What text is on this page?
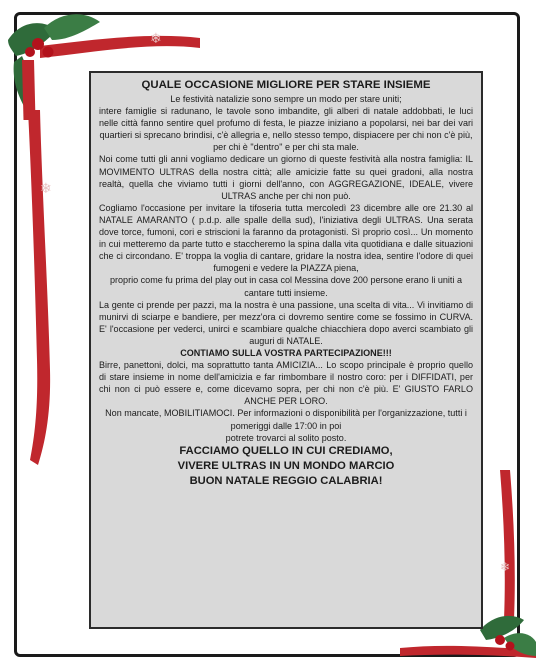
❄
❄
❄

QUALE OCCASIONE MIGLIORE PER STARE INSIEME

Le festività natalizie sono sempre un modo per stare uniti;

intere famiglie si radunano, le tavole sono imbandite, gli alberi di natale addobbati, le luci nelle città fanno sentire quel profumo di festa, le piazze iniziano a popolarsi, nei bar dei vari quartieri si sprecano brindisi, c'è allegria e, nello stesso tempo, dispiacere per chi non c'è più,

per chi è "dentro" e per chi sta male.

Noi come tutti gli anni vogliamo dedicare un giorno di queste festività alla nostra famiglia: IL MOVIMENTO ULTRAS della nostra città; alle amicizie fatte su quei gradoni, alla nostra realtà, quella che viviamo tutti i giorni dell'anno, con AGGREGAZIONE, IDEALE, vivere ULTRAS anche per chi non può.

Cogliamo l'occasione per invitare la tifoseria tutta mercoledì 23 dicembre alle ore 21.30 al NATALE AMARANTO ( p.d.p. alle spalle della sud), l'iniziativa degli ULTRAS. Una serata dove torce, fumoni, cori e striscioni la faranno da protagonisti. Sì proprio così... Un momento in cui metteremo da parte tutto e staccheremo la spina dalla vita quotidiana e dalle situazioni che ci circondano. E' troppa la voglia di cantare, gridare la nostra idea, sentire l'odore di quei fumogeni e vedere la PIAZZA piena,

proprio come fu prima del play out in casa col Messina dove 200 persone erano li uniti a cantare tutti insieme.

La gente ci prende per pazzi, ma la nostra è una passione, una scelta di vita... Vi invitiamo di munirvi di sciarpe e bandiere, per mezz'ora ci dovremo sentire come se fossimo in CURVA. E' l'occasione per vederci, unirci e scambiare qualche chiacchiera dopo averci scambiato gli auguri di NATALE.

CONTIAMO SULLA VOSTRA PARTECIPAZIONE!!!

Birre, panettoni, dolci, ma soprattutto tanta AMICIZIA... Lo scopo principale è proprio quello di stare insieme in nome dell'amicizia e far rimbombare il nostro coro: per i DIFFIDATI, per chi non ci può essere e, come dicevamo sopra, per chi non c'è più. E' GIUSTO FARLO ANCHE PER LORO.

Non mancate, MOBILITIAMOCI. Per informazioni o disponibilità per l'organizzazione, tutti i pomeriggi dalle 17:00 in poi

potrete trovarci al solito posto.

FACCIAMO QUELLO IN CUI CREDIAMO,

VIVERE ULTRAS IN UN MONDO MARCIO

BUON NATALE REGGIO CALABRIA!
